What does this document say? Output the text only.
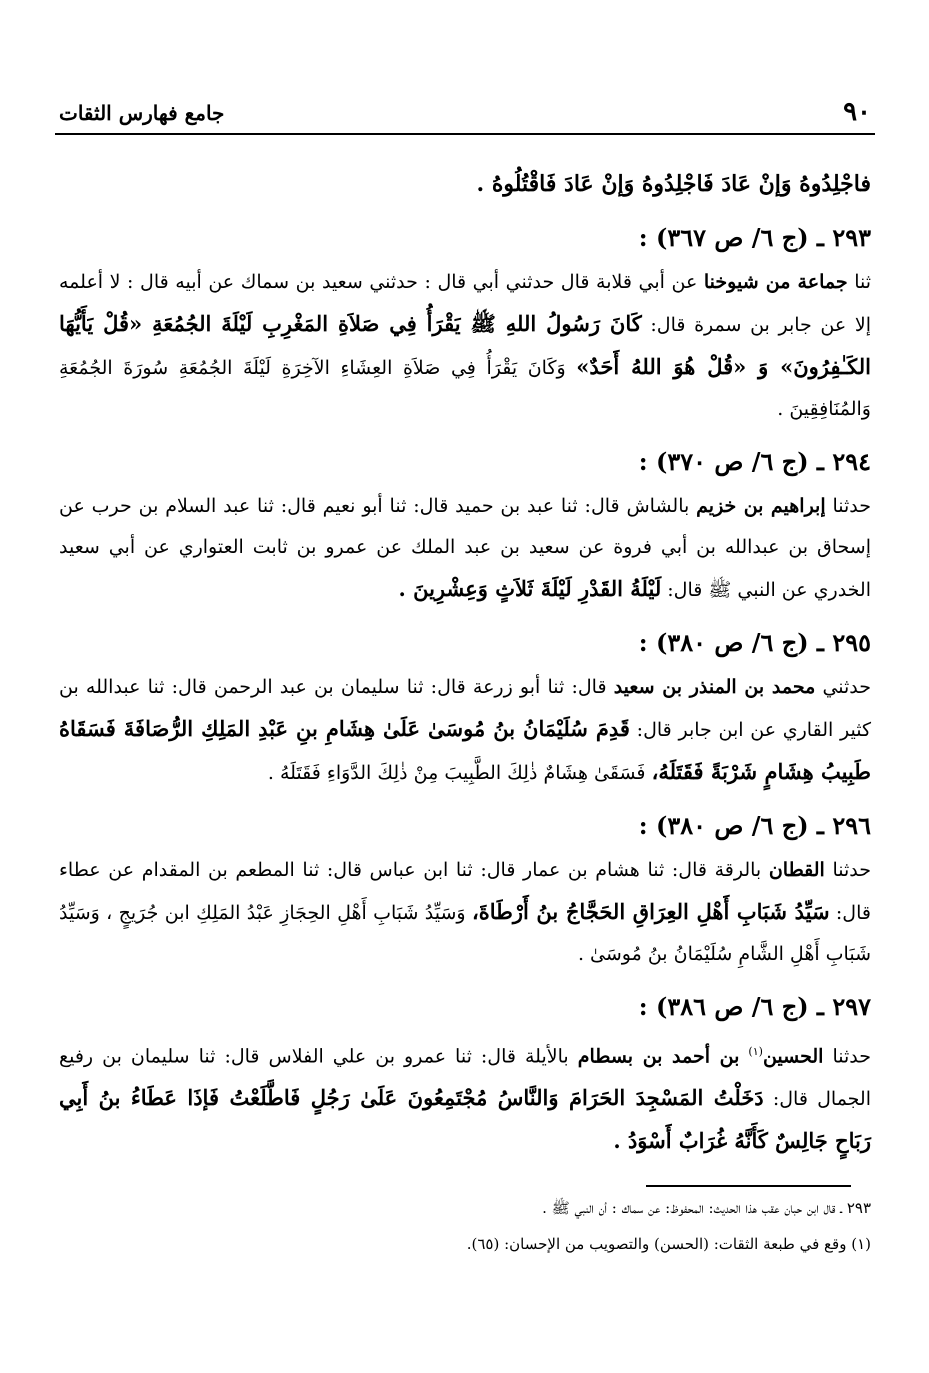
٩٠
جامع فهارس الثقات

فاجْلِدُوهُ وَإنْ عَادَ فَاجْلِدُوهُ وَإنْ عَادَ فَاقْتُلُوهُ .

٢٩٣ ـ (ج ٦/ ص ٣٦٧) :

ثنا جماعة من شيوخنا عن أبي قلابة قال حدثني أبي قال : حدثني سعيد بن سماك عن أبيه قال : لا أعلمه إلا عن جابر بن سمرة قال: كَانَ رَسُولُ اللهِ ﷺ يَقْرَأُ فِي صَلاَةِ المَغْرِبِ لَيْلَةَ الجُمُعَةِ «قُلْ يَأَيُّهَا الكَـٰفِرُونَ» وَ «قُلْ هُوَ اللهُ أَحَدٌ» وَكَانَ يَقْرَأُ فِي صَلاَةِ العِشَاءِ الآخِرَةِ لَيْلَةَ الجُمُعَةِ سُورَةَ الجُمُعَةِ وَالمُنَافِقِينَ .

٢٩٤ ـ (ج ٦/ ص ٣٧٠) :

حدثنا إبراهيم بن خزيم بالشاش قال: ثنا عبد بن حميد قال: ثنا أبو نعيم قال: ثنا عبد السلام بن حرب عن إسحاق بن عبدالله بن أبي فروة عن سعيد بن عبد الملك عن عمرو بن ثابت العتواري عن أبي سعيد الخدري عن النبي ﷺ قال: لَيْلَةُ القَدْرِ لَيْلَةَ ثَلاَثٍ وَعِشْرِينَ .

٢٩٥ ـ (ج ٦/ ص ٣٨٠) :

حدثني محمد بن المنذر بن سعيد قال: ثنا أبو زرعة قال: ثنا سليمان بن عبد الرحمن قال: ثنا عبدالله بن كثير القاري عن ابن جابر قال: قَدِمَ سُلَيْمَانُ بنُ مُوسَىٰ عَلَىٰ هِشَامِ بنِ عَبْدِ المَلِكِ الرُّصَافَةَ فَسَقَاهُ طَبِيبُ هِشَامٍ شَرْبَةً فَقَتَلَهُ، فَسَقَىٰ هِشَامٌ ذٰلِكَ الطَّبِيبَ مِنْ ذٰلِكَ الدَّوَاءِ فَقَتَلَهُ .

٢٩٦ ـ (ج ٦/ ص ٣٨٠) :

حدثنا القطان بالرقة قال: ثنا هشام بن عمار قال: ثنا ابن عباس قال: ثنا المطعم بن المقدام عن عطاء قال: سَيِّدُ شَبَابِ أَهْلِ العِرَاقِ الحَجَّاجُ بنُ أَرْطَاةَ، وَسَيِّدُ شَبَابِ أَهْلِ الحِجَازِ عَبْدُ المَلِكِ ابن جُرَيجٍ ، وَسَيِّدُ شَبَابِ أَهْلِ الشَّامِ سُلَيْمَانُ بنُ مُوسَىٰ .

٢٩٧ ـ (ج ٦/ ص ٣٨٦) :

حدثنا الحسين$^{(١)}$ بن أحمد بن بسطام بالأيلة قال: ثنا عمرو بن علي الفلاس قال: ثنا سليمان بن رفيع الجمال قال: دَخَلْتُ المَسْجِدَ الحَرَامَ وَالنَّاسُ مُجْتَمِعُونَ عَلَىٰ رَجُلٍ فَاطَّلَعْتُ فَإذَا عَطَاءُ بنُ أَبِي رَبَاحٍ جَالِسٌ كَأَنَّهُ غُرَابٌ أَسْوَدُ .

٢٩٣ ـ قال ابن حبان عقب هذا الحديث: المحفوظ: عن سماك : أن النبي ﷺ .

(١) وقع في طبعة الثقات: (الحسن) والتصويب من الإحسان: (٦٥).
